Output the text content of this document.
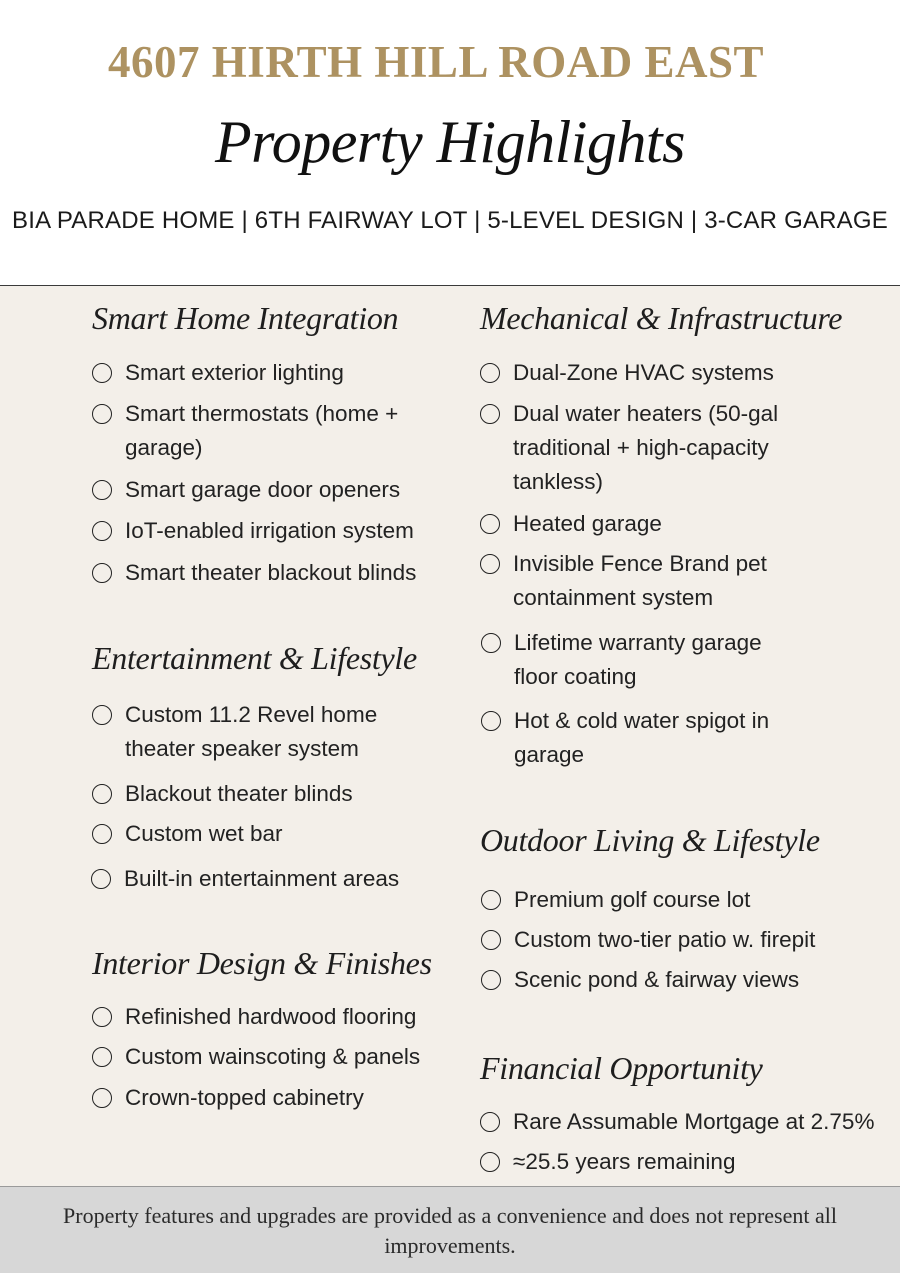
4607 HIRTH HILL ROAD EAST
Property Highlights
BIA PARADE HOME | 6TH FAIRWAY LOT | 5-LEVEL DESIGN | 3-CAR GARAGE
Smart Home Integration
Smart exterior lighting
Smart thermostats (home + garage)
Smart garage door openers
IoT-enabled irrigation system
Smart theater blackout blinds
Entertainment & Lifestyle
Custom 11.2 Revel home theater speaker system
Blackout theater blinds
Custom wet bar
Built-in entertainment areas
Interior Design & Finishes
Refinished hardwood flooring
Custom wainscoting & panels
Crown-topped cabinetry
Mechanical & Infrastructure
Dual-Zone HVAC systems
Dual water heaters (50-gal traditional + high-capacity tankless)
Heated garage
Invisible Fence Brand pet containment system
Lifetime warranty garage floor coating
Hot & cold water spigot in garage
Outdoor Living & Lifestyle
Premium golf course lot
Custom two-tier patio w. firepit
Scenic pond & fairway views
Financial Opportunity
Rare Assumable Mortgage at 2.75%
≈25.5 years remaining
Property features and upgrades are provided as a convenience and does not represent all improvements.
